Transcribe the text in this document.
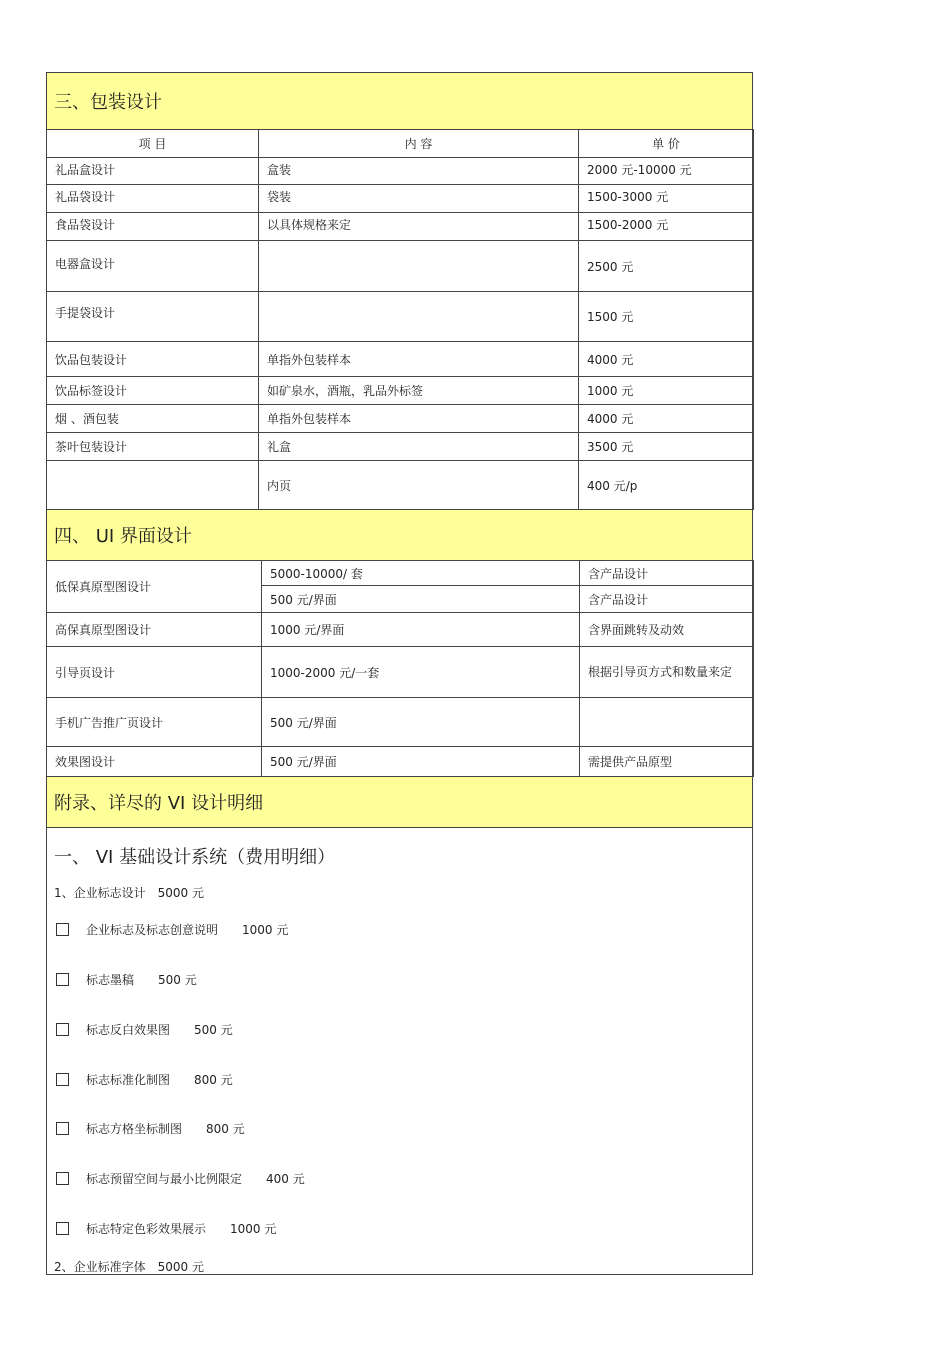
三、包装设计
项 目	内 容	单 价
礼品盒设计	盒装	2000 元-10000 元
礼品袋设计	袋装	1500-3000 元
食品袋设计	以具体规格来定	1500-2000 元
电器盒设计		2500 元
手提袋设计		1500 元
饮品包装设计	单指外包装样本	4000 元
饮品标签设计	如矿泉水，酒瓶，乳品外标签	1000 元
烟 、酒包装	单指外包装样本	4000 元
茶叶包装设计	礼盒	3500 元
	内页	400 元/p
四、 UI 界面设计
低保真原型图设计	5000-10000/ 套	含产品设计
	500 元/界面	含产品设计
高保真原型图设计	1000 元/界面	含界面跳转及动效
引导页设计	1000-2000 元/一套	根据引导页方式和数量来定
手机广告推广页设计	500 元/界面	
效果图设计	500 元/界面	需提供产品原型
附录、详尽的 VI 设计明细
一、 VI 基础设计系统（费用明细）
1、企业标志设计　5000 元
企业标志及标志创意说明 1000 元
标志墨稿 500 元
标志反白效果图 500 元
标志标准化制图 800 元
标志方格坐标制图 800 元
标志预留空间与最小比例限定 400 元
标志特定色彩效果展示 1000 元
2、企业标准字体　5000 元
